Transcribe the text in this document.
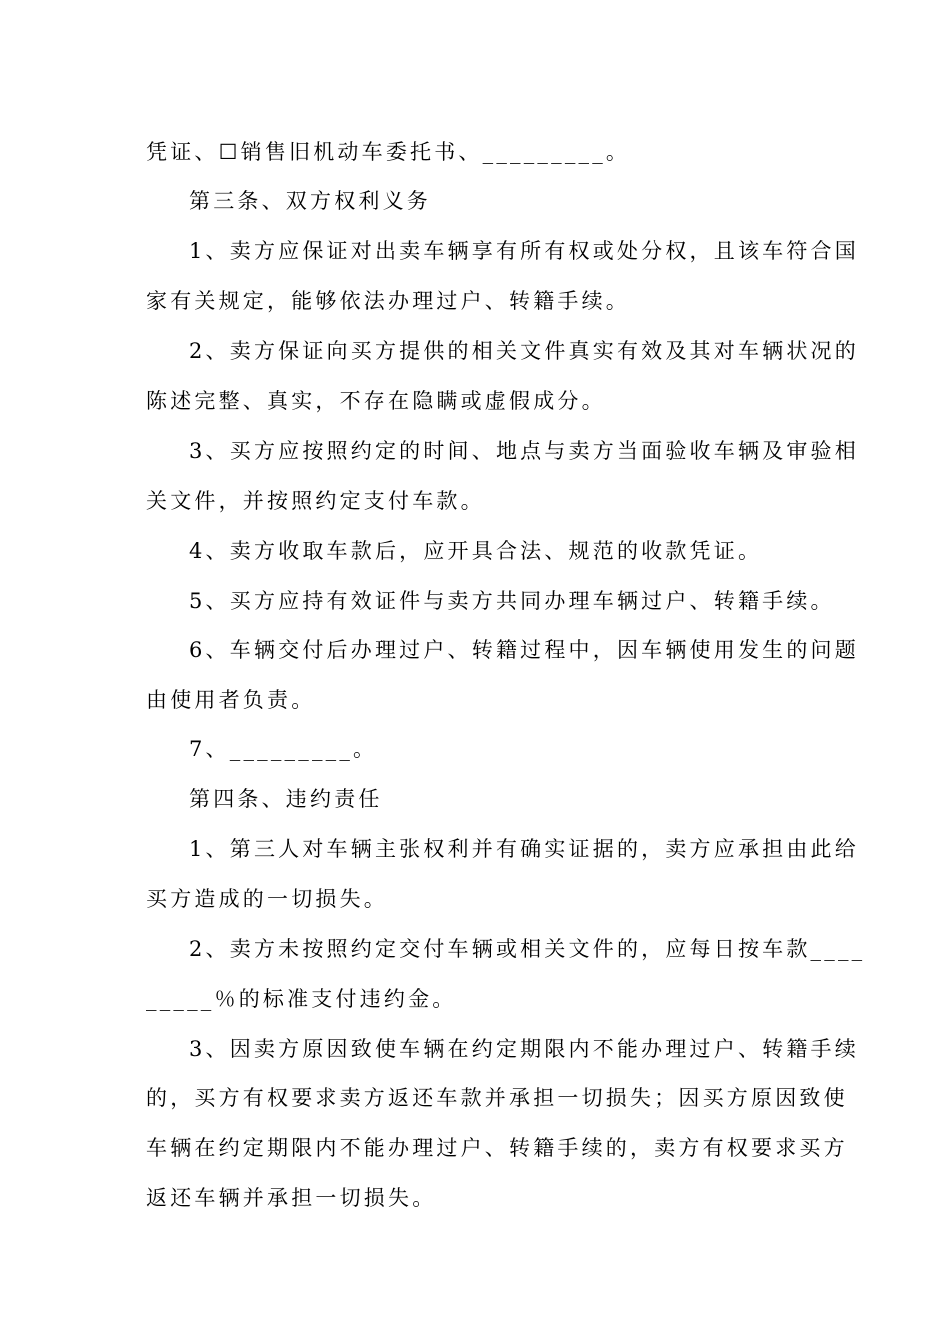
凭证、☐销售旧机动车委托书、_________。
第三条、双方权利义务
1、卖方应保证对出卖车辆享有所有权或处分权，且该车符合国
家有关规定，能够依法办理过户、转籍手续。
2、卖方保证向买方提供的相关文件真实有效及其对车辆状况的
陈述完整、真实，不存在隐瞒或虚假成分。
3、买方应按照约定的时间、地点与卖方当面验收车辆及审验相
关文件，并按照约定支付车款。
4、卖方收取车款后，应开具合法、规范的收款凭证。
5、买方应持有效证件与卖方共同办理车辆过户、转籍手续。
6、车辆交付后办理过户、转籍过程中，因车辆使用发生的问题
由使用者负责。
7、_________。
第四条、违约责任
1、第三人对车辆主张权利并有确实证据的，卖方应承担由此给
买方造成的一切损失。
2、卖方未按照约定交付车辆或相关文件的，应每日按车款____
_____％的标准支付违约金。
3、因卖方原因致使车辆在约定期限内不能办理过户、转籍手续
的，买方有权要求卖方返还车款并承担一切损失；因买方原因致使
车辆在约定期限内不能办理过户、转籍手续的，卖方有权要求买方
返还车辆并承担一切损失。
